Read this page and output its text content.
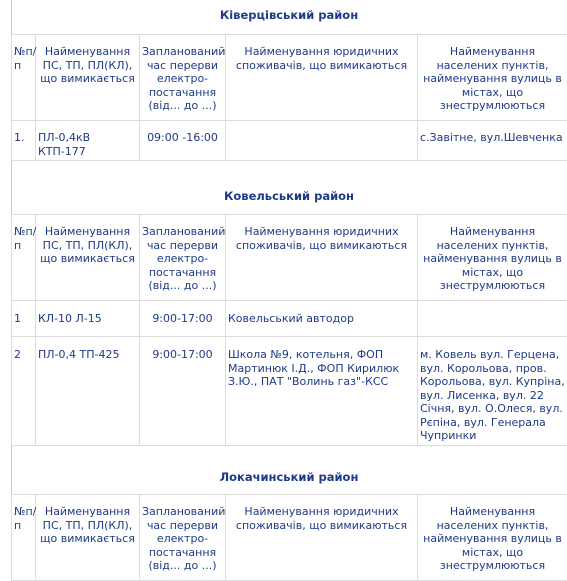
Ківерцівський район
№п/п	Найменування ПС, ТП, ПЛ(КЛ), що вимикається	Запланований час перерви електро-постачання (від... до ...)	Найменування юридичних споживачів, що вимикаються	Найменування населених пунктів, найменування вулиць в містах, що знеструмлюються
1.	ПЛ-0,4кВ КТП-177	09:00 -16:00		с.Завітне, вул.Шевченка
Ковельський район
№п/п	Найменування ПС, ТП, ПЛ(КЛ), що вимикається	Запланований час перерви електро-постачання (від... до ...)	Найменування юридичних споживачів, що вимикаються	Найменування населених пунктів, найменування вулиць в містах, що знеструмлюються
1	КЛ-10 Л-15	9:00-17:00	Ковельський автодор	
2	ПЛ-0,4 ТП-425	9:00-17:00	Школа №9, котельня, ФОП Мартинюк І.Д., ФОП Кирилюк З.Ю., ПАТ "Волинь газ"-КСС	м. Ковель вул. Герцена, вул. Корольова, пров. Корольова, вул. Купріна, вул. Лисенка, вул. 22 Січня, вул. О.Олеся, вул. Рєпіна, вул. Генерала Чупринки
Локачинський район
№п/п	Найменування ПС, ТП, ПЛ(КЛ), що вимикається	Запланований час перерви електро-постачання (від... до ...)	Найменування юридичних споживачів, що вимикаються	Найменування населених пунктів, найменування вулиць в містах, що знеструмлюються
